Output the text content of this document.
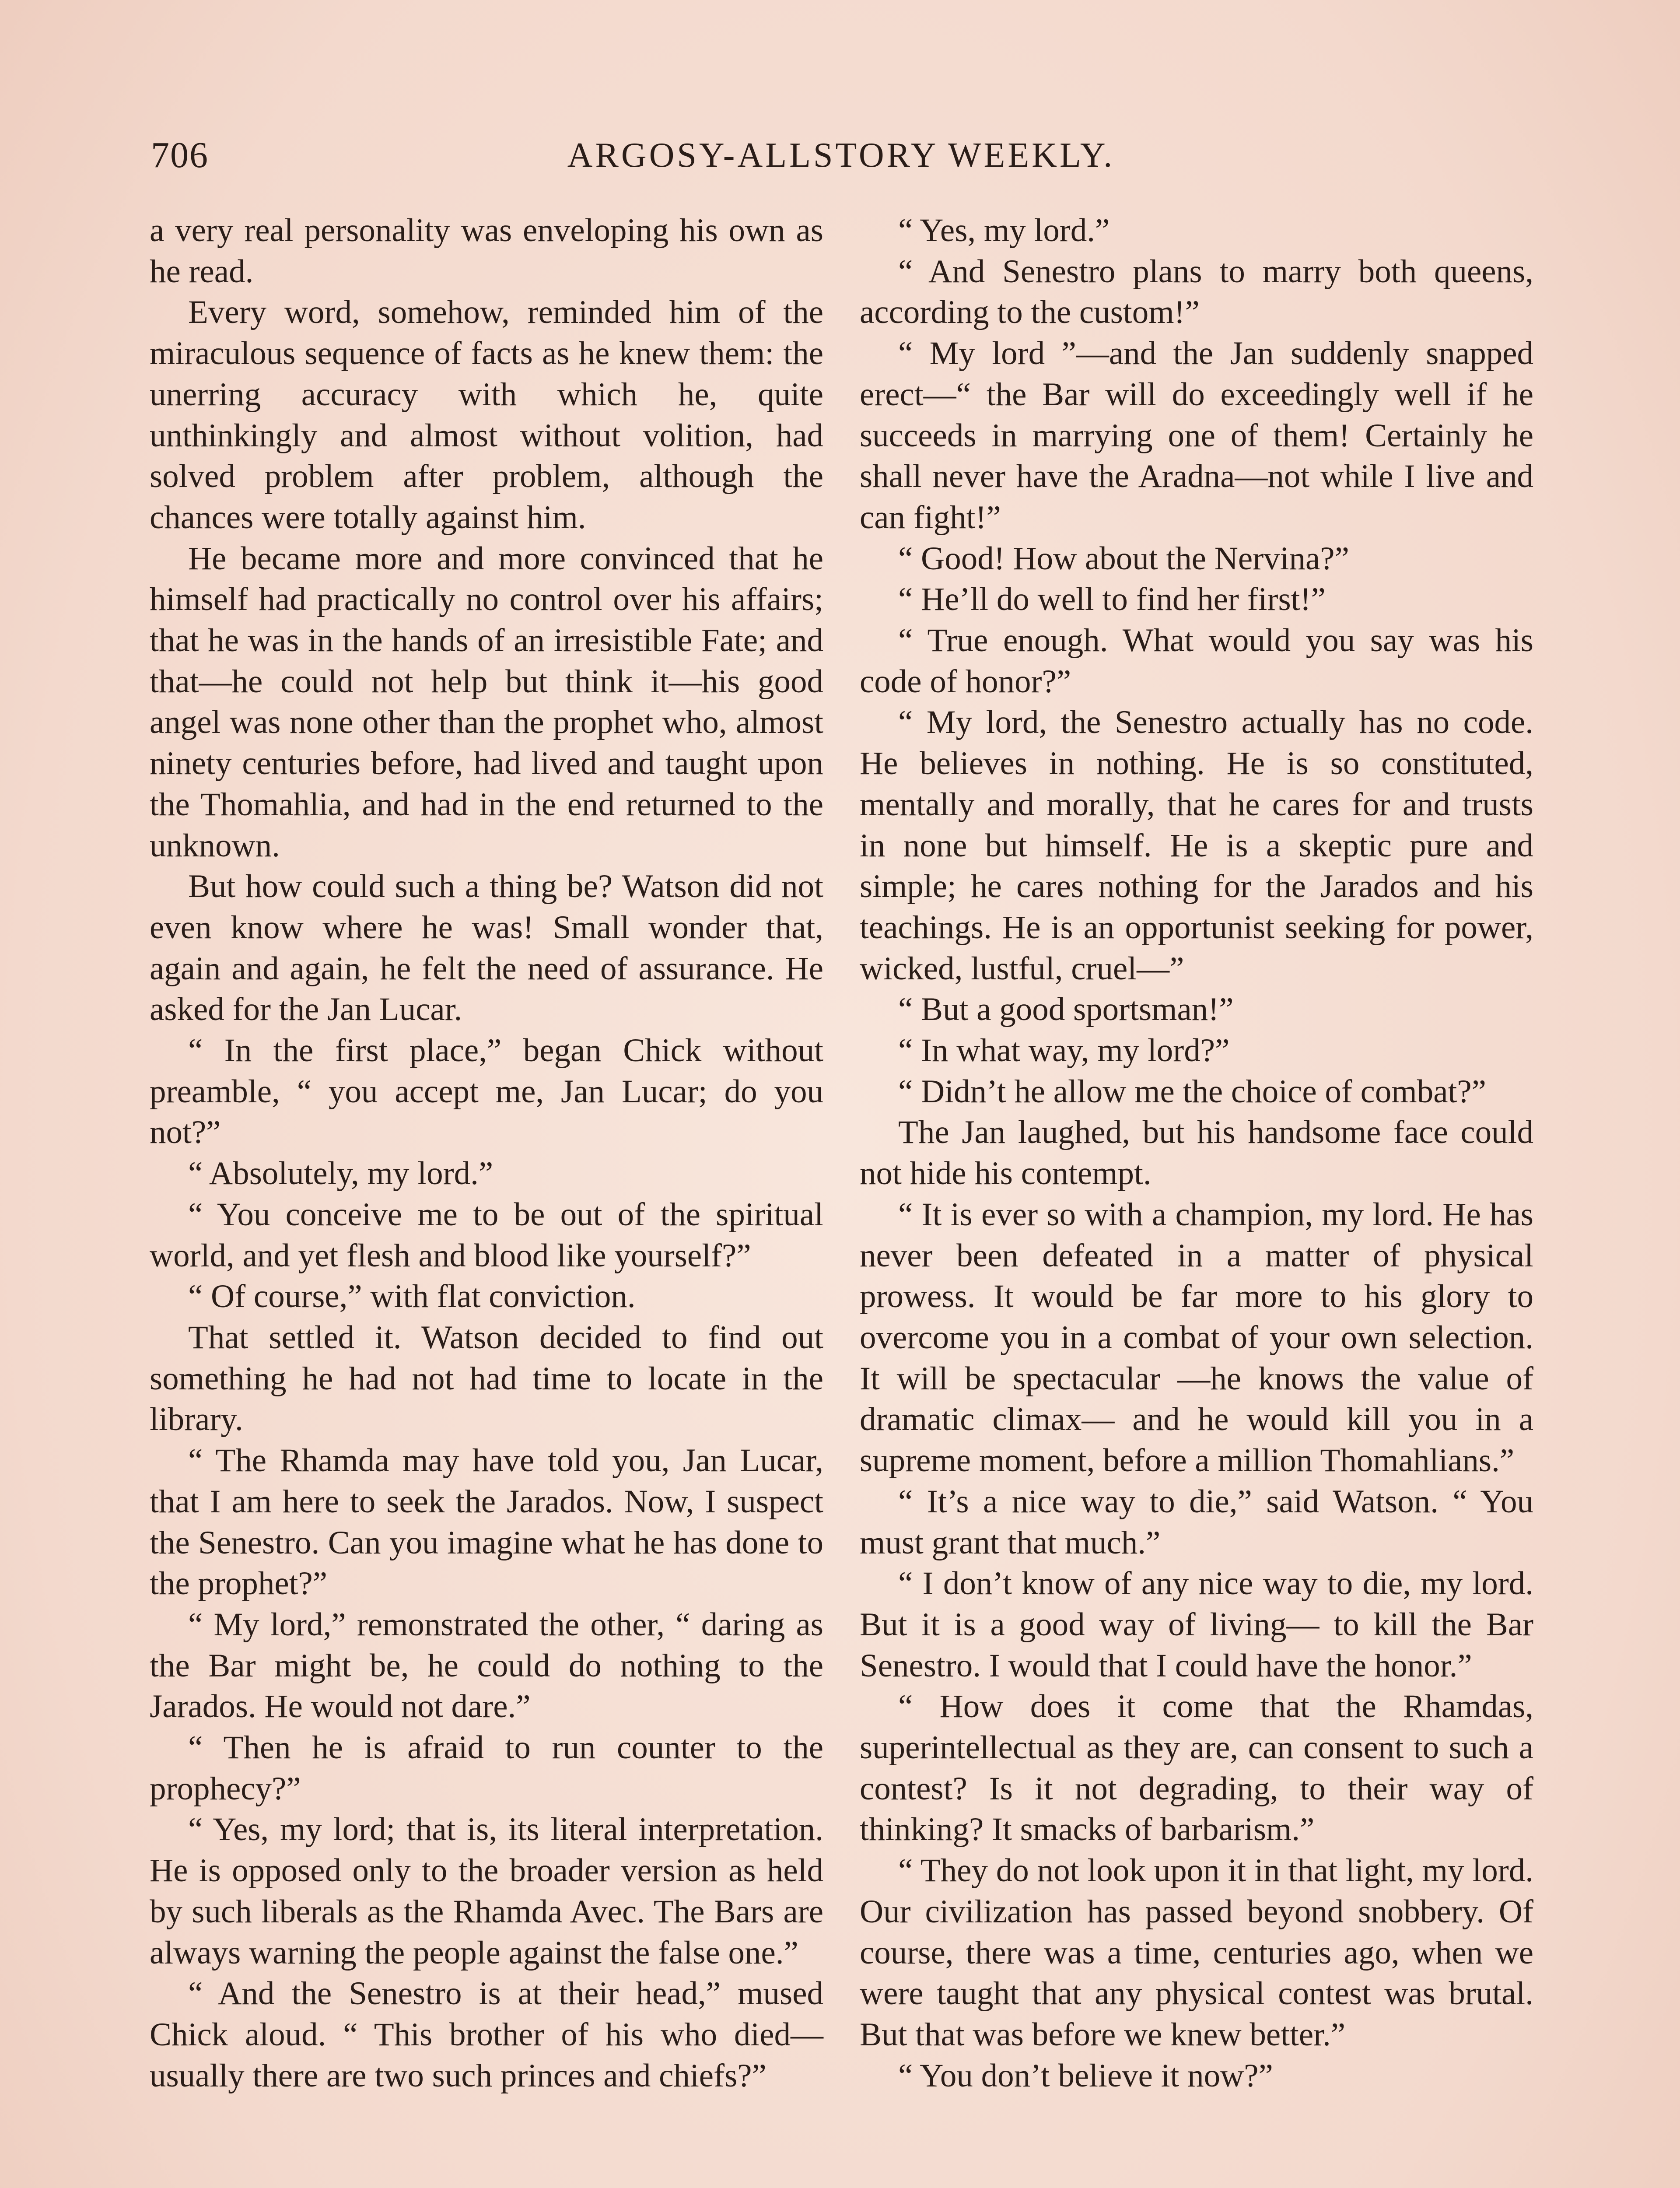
706	ARGOSY-ALLSTORY WEEKLY.

a very real personality was enveloping his own as he read.

Every word, somehow, reminded him of the miraculous sequence of facts as he knew them: the unerring accuracy with which he, quite unthinkingly and almost without volition, had solved problem after problem, although the chances were totally against him.

He became more and more convinced that he himself had practically no control over his affairs; that he was in the hands of an irresistible Fate; and that—he could not help but think it—his good angel was none other than the prophet who, almost ninety centuries before, had lived and taught upon the Thomahlia, and had in the end returned to the unknown.

But how could such a thing be? Watson did not even know where he was! Small wonder that, again and again, he felt the need of assurance. He asked for the Jan Lucar.

“ In the first place,” began Chick without preamble, “ you accept me, Jan Lucar; do you not?”

“ Absolutely, my lord.”

“ You conceive me to be out of the spiritual world, and yet flesh and blood like yourself?”

“ Of course,” with flat conviction.

That settled it. Watson decided to find out something he had not had time to locate in the library.

“ The Rhamda may have told you, Jan Lucar, that I am here to seek the Jarados. Now, I suspect the Senestro. Can you imagine what he has done to the prophet?”

“ My lord,” remonstrated the other, “ daring as the Bar might be, he could do nothing to the Jarados. He would not dare.”

“ Then he is afraid to run counter to the prophecy?”

“ Yes, my lord; that is, its literal interpretation. He is opposed only to the broader version as held by such liberals as the Rhamda Avec. The Bars are always warning the people against the false one.”

“ And the Senestro is at their head,” mused Chick aloud. “ This brother of his who died—usually there are two such princes and chiefs?”

“ Yes, my lord.”

“ And Senestro plans to marry both queens, according to the custom!”

“ My lord ”—and the Jan suddenly snapped erect—“ the Bar will do exceedingly well if he succeeds in marrying one of them! Certainly he shall never have the Aradna—not while I live and can fight!”

“ Good! How about the Nervina?”

“ He’ll do well to find her first!”

“ True enough. What would you say was his code of honor?”

“ My lord, the Senestro actually has no code. He believes in nothing. He is so constituted, mentally and morally, that he cares for and trusts in none but himself. He is a skeptic pure and simple; he cares nothing for the Jarados and his teachings. He is an opportunist seeking for power, wicked, lustful, cruel—”

“ But a good sportsman!”

“ In what way, my lord?”

“ Didn’t he allow me the choice of combat?”

The Jan laughed, but his handsome face could not hide his contempt.

“ It is ever so with a champion, my lord. He has never been defeated in a matter of physical prowess. It would be far more to his glory to overcome you in a combat of your own selection. It will be spectacular —he knows the value of dramatic climax— and he would kill you in a supreme moment, before a million Thomahlians.”

“ It’s a nice way to die,” said Watson. “ You must grant that much.”

“ I don’t know of any nice way to die, my lord. But it is a good way of living— to kill the Bar Senestro. I would that I could have the honor.”

“ How does it come that the Rhamdas, superintellectual as they are, can consent to such a contest? Is it not degrading, to their way of thinking? It smacks of barbarism.”

“ They do not look upon it in that light, my lord. Our civilization has passed beyond snobbery. Of course, there was a time, centuries ago, when we were taught that any physical contest was brutal. But that was before we knew better.”

“ You don’t believe it now?”
